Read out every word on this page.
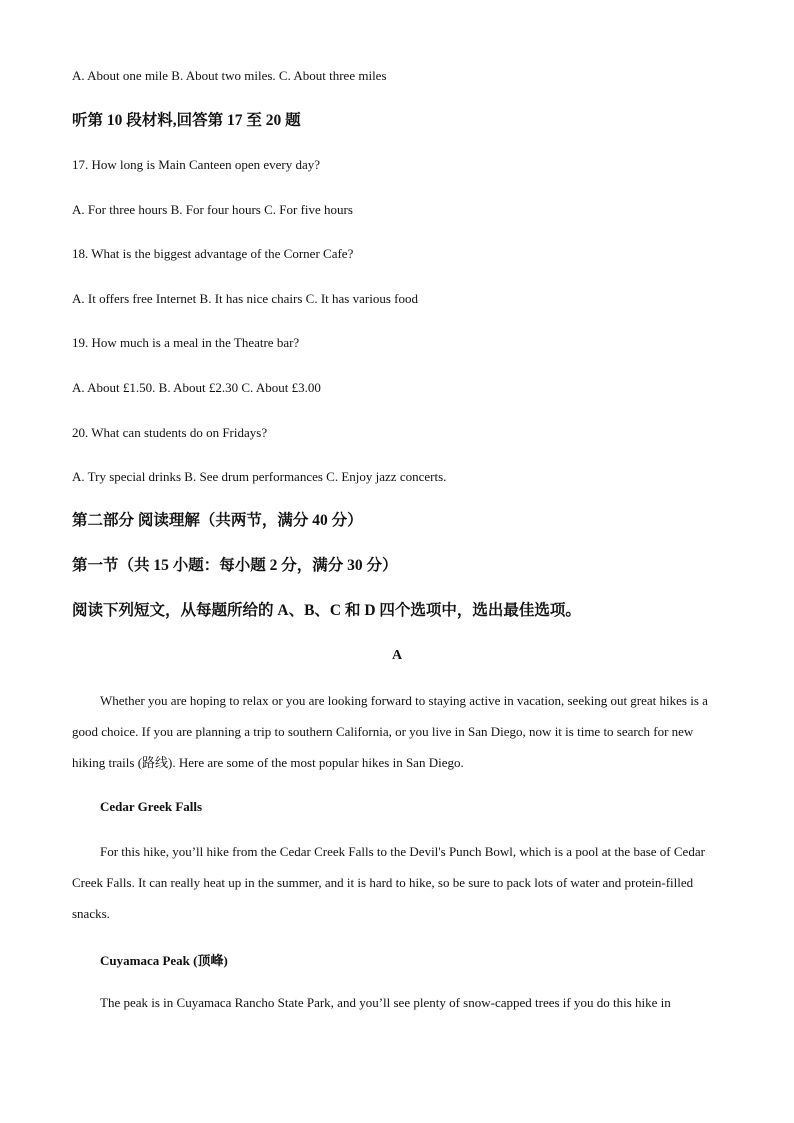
A. About one mile B. About two miles. C. About three miles
听第 10 段材料,回答第 17 至 20 题
17. How long is Main Canteen open every day?
A. For three hours B. For four hours C. For five hours
18. What is the biggest advantage of the Corner Cafe?
A. It offers free Internet B. It has nice chairs C. It has various food
19. How much is a meal in the Theatre bar?
A. About £1.50. B. About £2.30 C. About £3.00
20. What can students do on Fridays?
A. Try special drinks B. See drum performances C. Enjoy jazz concerts.
第二部分 阅读理解（共两节，满分 40 分）
第一节（共 15 小题：每小题 2 分，满分 30 分）
阅读下列短文，从每题所给的 A、B、C 和 D 四个选项中，选出最佳选项。
A

Whether you are hoping to relax or you are looking forward to staying active in vacation, seeking out great hikes is a good choice. If you are planning a trip to southern California, or you live in San Diego, now it is time to search for new hiking trails (路线). Here are some of the most popular hikes in San Diego.

Cedar Greek Falls

For this hike, you’ll hike from the Cedar Creek Falls to the Devil's Punch Bowl, which is a pool at the base of Cedar Creek Falls. It can really heat up in the summer, and it is hard to hike, so be sure to pack lots of water and protein-filled snacks.

Cuyamaca Peak (顶峰)

The peak is in Cuyamaca Rancho State Park, and you’ll see plenty of snow-capped trees if you do this hike in
